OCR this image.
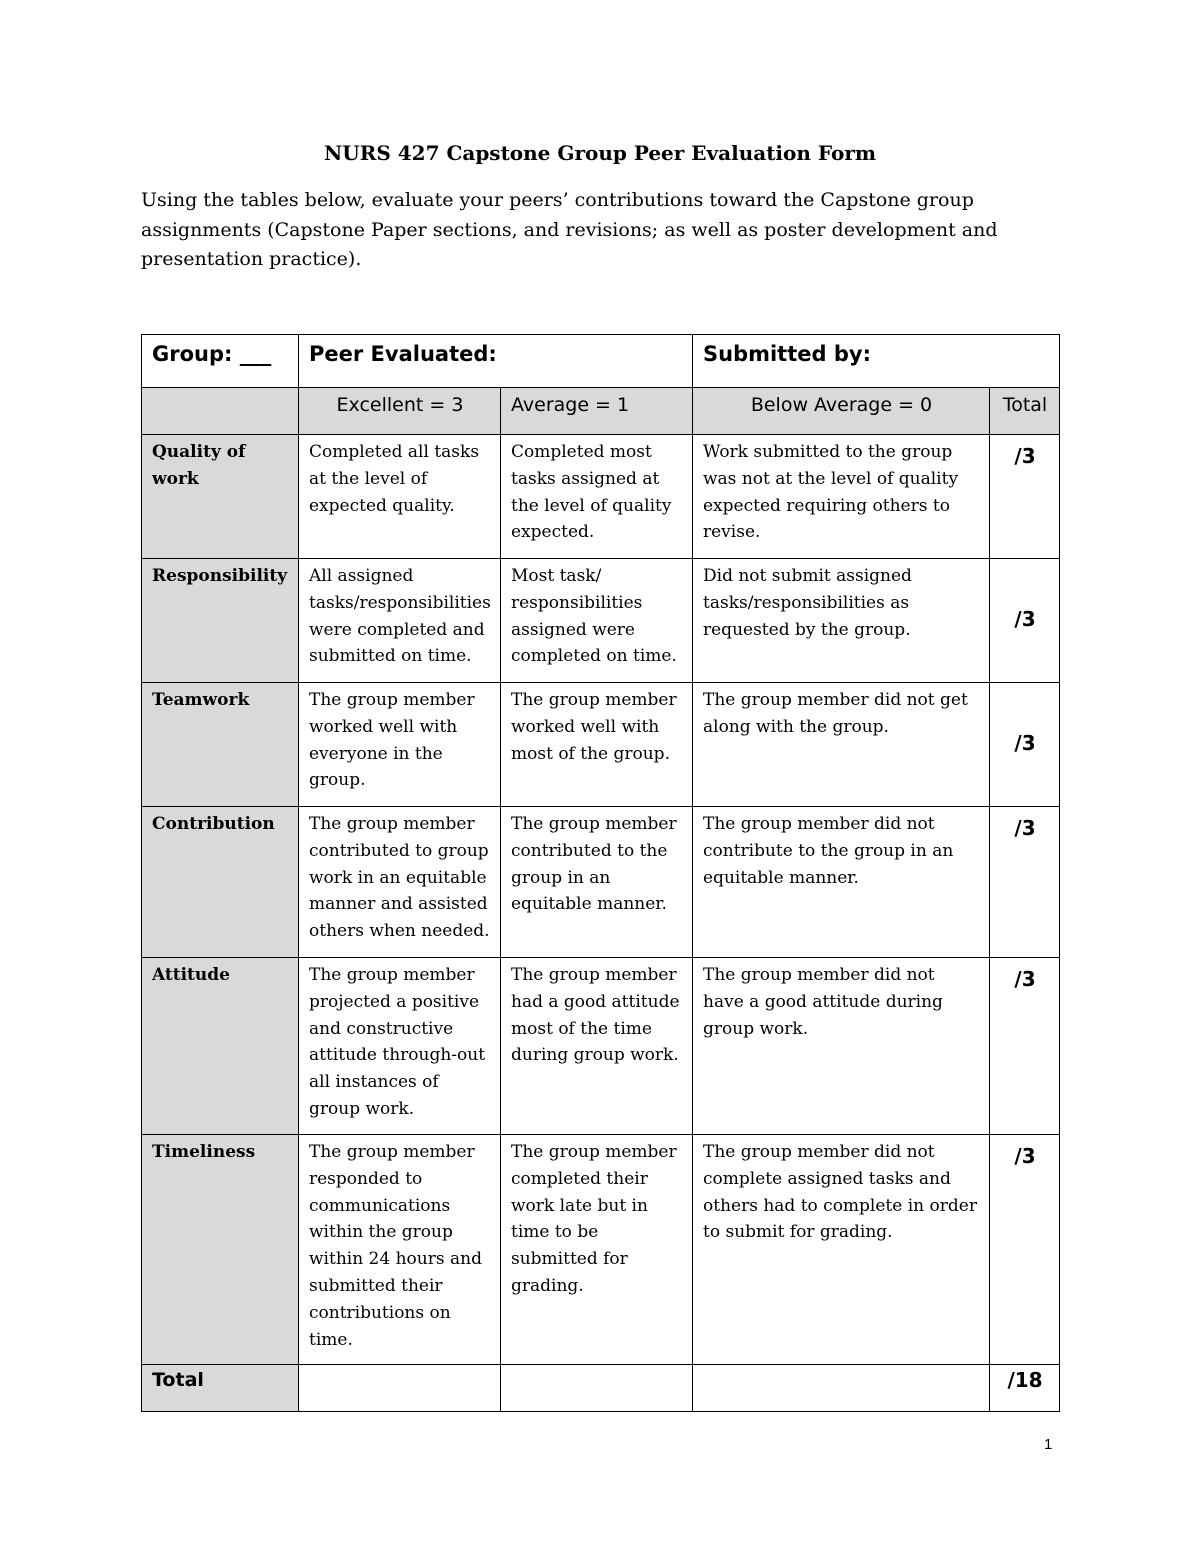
NURS 427 Capstone Group Peer Evaluation Form
Using the tables below, evaluate your peers’ contributions toward the Capstone group assignments (Capstone Paper sections, and revisions; as well as poster development and presentation practice).
Group: ___	Peer Evaluated:		Submitted by:	
	Excellent = 3	Average = 1	Below Average = 0	Total
Quality of work	Completed all tasks at the level of expected quality.	Completed most tasks assigned at the level of quality expected.	Work submitted to the group was not at the level of quality expected requiring others to revise.	/3
Responsibility	All assigned tasks/responsibilities were completed and submitted on time.	Most task/ responsibilities assigned were completed on time.	Did not submit assigned tasks/responsibilities as requested by the group.	/3
Teamwork	The group member worked well with everyone in the group.	The group member worked well with most of the group.	The group member did not get along with the group.	/3
Contribution	The group member contributed to group work in an equitable manner and assisted others when needed.	The group member contributed to the group in an equitable manner.	The group member did not contribute to the group in an equitable manner.	/3
Attitude	The group member projected a positive and constructive attitude through-out all instances of group work.	The group member had a good attitude most of the time during group work.	The group member did not have a good attitude during group work.	/3
Timeliness	The group member responded to communications within the group within 24 hours and submitted their contributions on time.	The group member completed their work late but in time to be submitted for grading.	The group member did not complete assigned tasks and others had to complete in order to submit for grading.	/3
Total				/18
1
